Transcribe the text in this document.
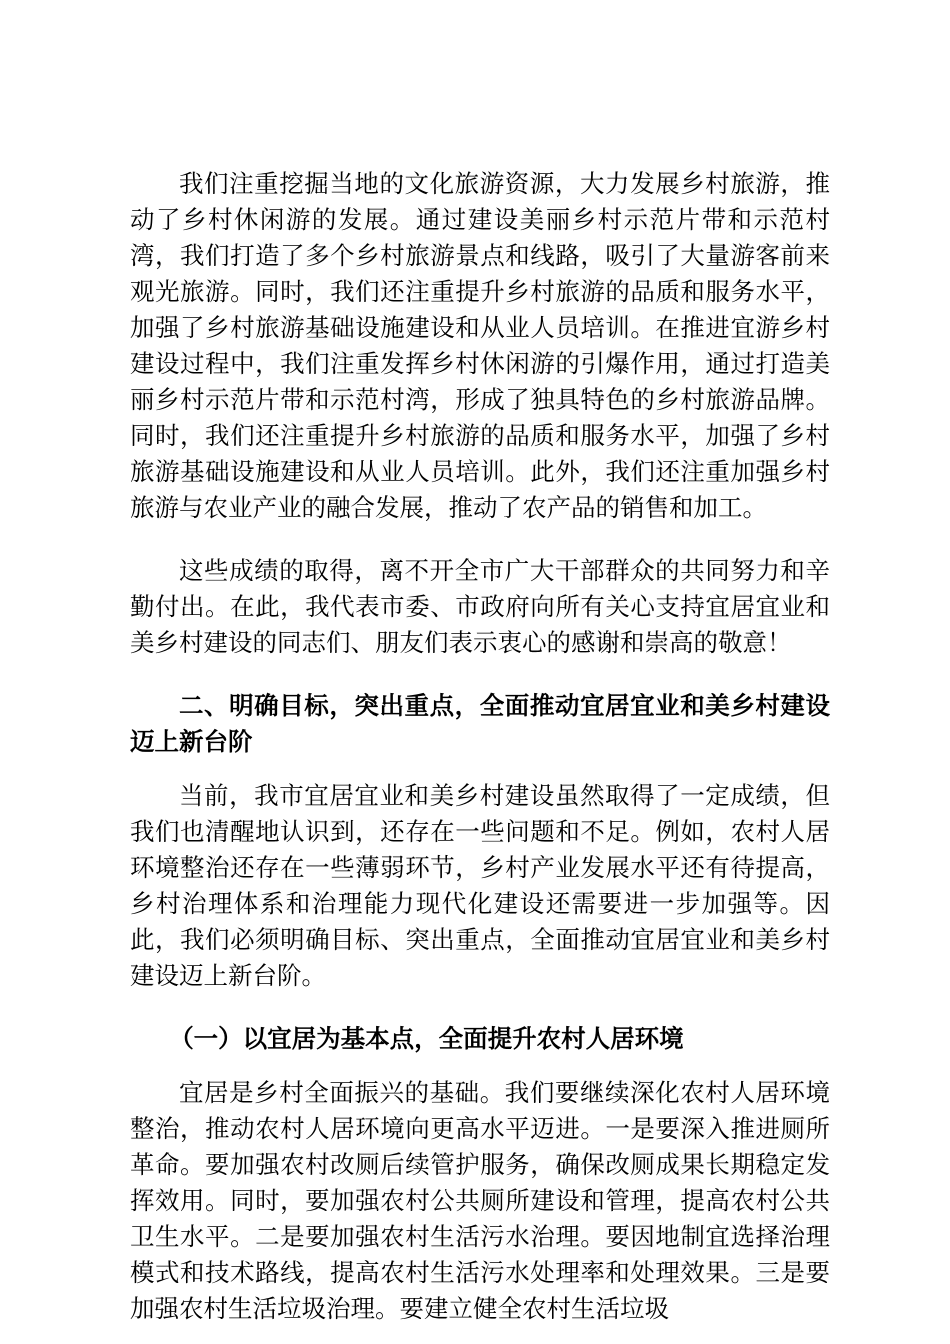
我们注重挖掘当地的文化旅游资源，大力发展乡村旅游，推动了乡村休闲游的发展。通过建设美丽乡村示范片带和示范村湾，我们打造了多个乡村旅游景点和线路，吸引了大量游客前来观光旅游。同时，我们还注重提升乡村旅游的品质和服务水平，加强了乡村旅游基础设施建设和从业人员培训。在推进宜游乡村建设过程中，我们注重发挥乡村休闲游的引爆作用，通过打造美丽乡村示范片带和示范村湾，形成了独具特色的乡村旅游品牌。同时，我们还注重提升乡村旅游的品质和服务水平，加强了乡村旅游基础设施建设和从业人员培训。此外，我们还注重加强乡村旅游与农业产业的融合发展，推动了农产品的销售和加工。

这些成绩的取得，离不开全市广大干部群众的共同努力和辛勤付出。在此，我代表市委、市政府向所有关心支持宜居宜业和美乡村建设的同志们、朋友们表示衷心的感谢和崇高的敬意！

二、明确目标，突出重点，全面推动宜居宜业和美乡村建设迈上新台阶

当前，我市宜居宜业和美乡村建设虽然取得了一定成绩，但我们也清醒地认识到，还存在一些问题和不足。例如，农村人居环境整治还存在一些薄弱环节，乡村产业发展水平还有待提高，乡村治理体系和治理能力现代化建设还需要进一步加强等。因此，我们必须明确目标、突出重点，全面推动宜居宜业和美乡村建设迈上新台阶。

（一）以宜居为基本点，全面提升农村人居环境

宜居是乡村全面振兴的基础。我们要继续深化农村人居环境整治，推动农村人居环境向更高水平迈进。一是要深入推进厕所革命。要加强农村改厕后续管护服务，确保改厕成果长期稳定发挥效用。同时，要加强农村公共厕所建设和管理，提高农村公共卫生水平。二是要加强农村生活污水治理。要因地制宜选择治理模式和技术路线，提高农村生活污水处理率和处理效果。三是要加强农村生活垃圾治理。要建立健全农村生活垃圾
